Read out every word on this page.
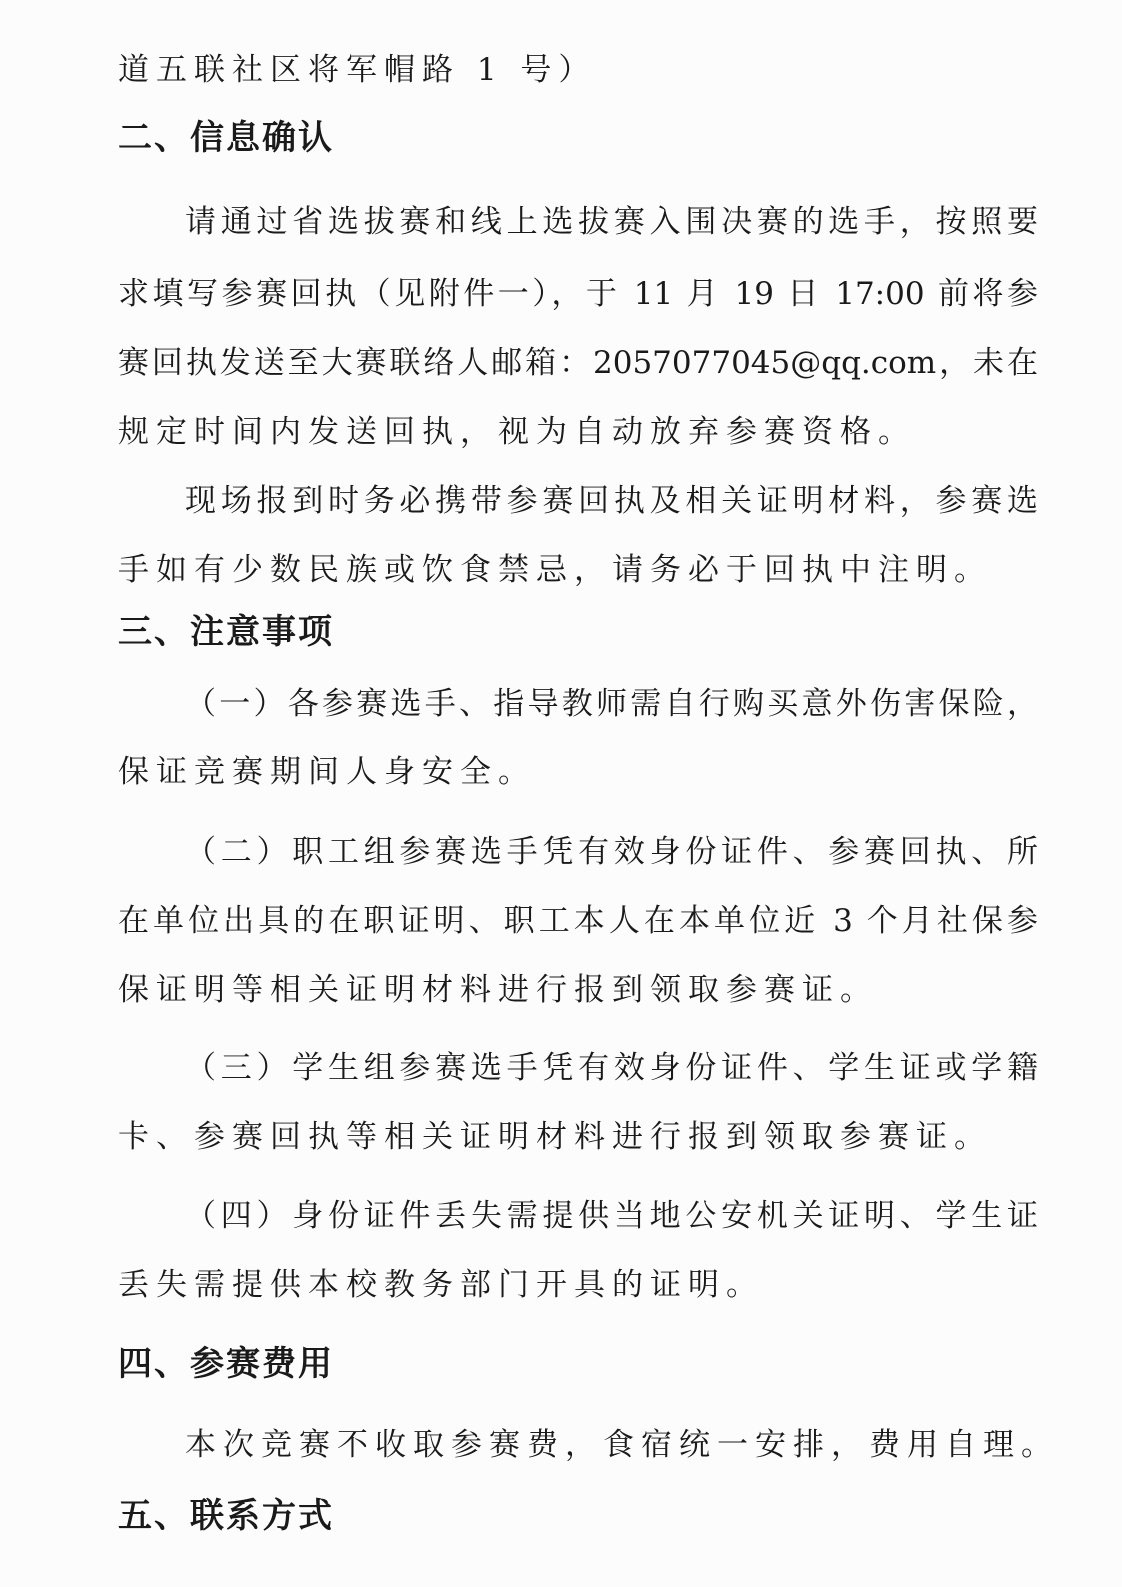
道五联社区将军帽路 1 号）
二、信息确认
请通过省选拔赛和线上选拔赛入围决赛的选手，按照要
求填写参赛回执（见附件一），于 11 月 19 日 17:00 前将参
赛回执发送至大赛联络人邮箱：2057077045@qq.com，未在
规定时间内发送回执，视为自动放弃参赛资格。
现场报到时务必携带参赛回执及相关证明材料，参赛选
手如有少数民族或饮食禁忌，请务必于回执中注明。
三、注意事项
（一）各参赛选手、指导教师需自行购买意外伤害保险，
保证竞赛期间人身安全。
（二）职工组参赛选手凭有效身份证件、参赛回执、所
在单位出具的在职证明、职工本人在本单位近 3 个月社保参
保证明等相关证明材料进行报到领取参赛证。
（三）学生组参赛选手凭有效身份证件、学生证或学籍
卡、参赛回执等相关证明材料进行报到领取参赛证。
（四）身份证件丢失需提供当地公安机关证明、学生证
丢失需提供本校教务部门开具的证明。
四、参赛费用
本次竞赛不收取参赛费，食宿统一安排，费用自理。
五、联系方式
